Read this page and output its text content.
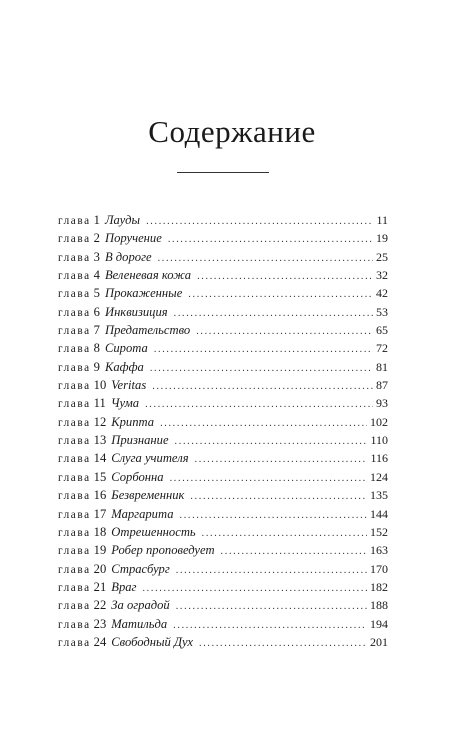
Содержание
глава 1 Лауды . . .	11
глава 2 Поручение . . .	19
глава 3 В дороге . . .	25
глава 4 Веленевая кожа . . .	32
глава 5 Прокаженные . . .	42
глава 6 Инквизиция . . .	53
глава 7 Предательство . . .	65
глава 8 Сирота . . .	72
глава 9 Каффа . . .	81
глава 10 Veritas . . .	87
глава 11 Чума . . .	93
глава 12 Крипта . . .	102
глава 13 Признание . . .	110
глава 14 Слуга учителя . . .	116
глава 15 Сорбонна . . .	124
глава 16 Безвременник . . .	135
глава 17 Маргарита . . .	144
глава 18 Отрешенность . . .	152
глава 19 Робер проповедует . . .	163
глава 20 Страсбург . . .	170
глава 21 Враг . . .	182
глава 22 За оградой . . .	188
глава 23 Матильда . . .	194
глава 24 Свободный Дух . . .	201
